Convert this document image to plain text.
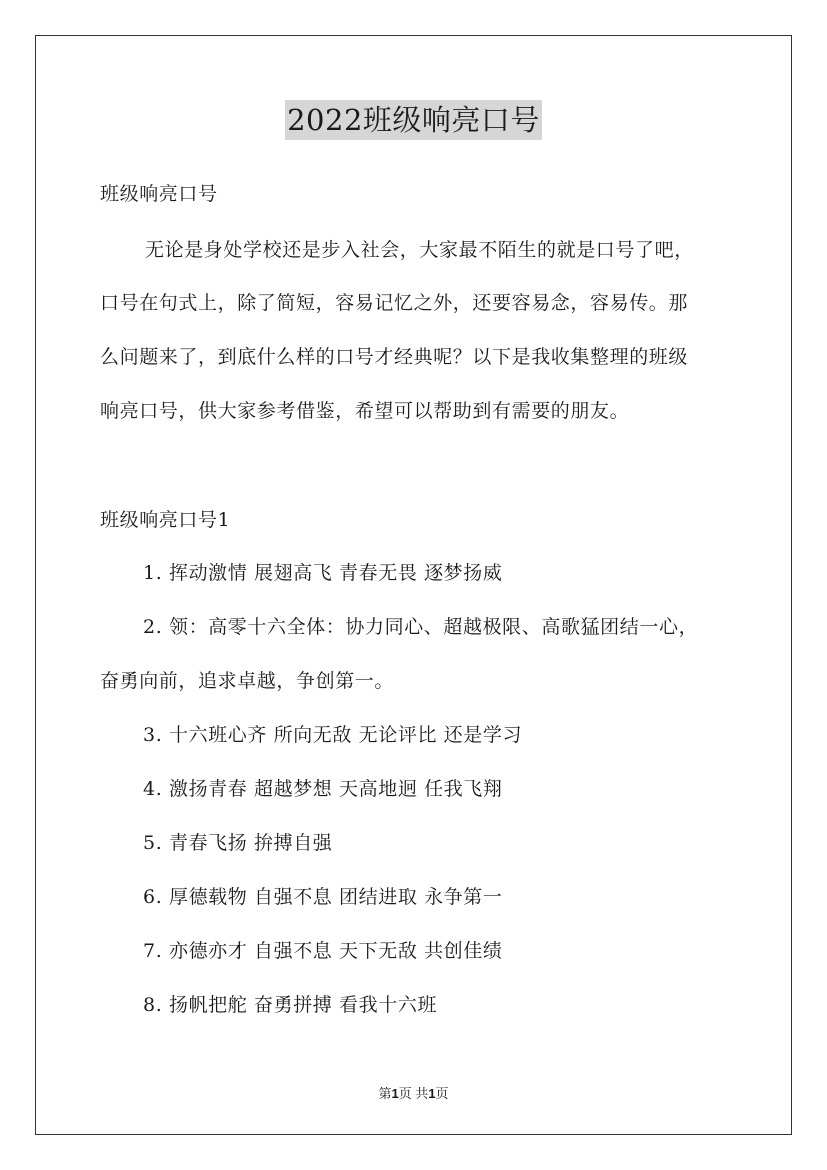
2022班级响亮口号
班级响亮口号
无论是身处学校还是步入社会，大家最不陌生的就是口号了吧，
口号在句式上，除了简短，容易记忆之外，还要容易念，容易传。那
么问题来了，到底什么样的口号才经典呢？以下是我收集整理的班级
响亮口号，供大家参考借鉴，希望可以帮助到有需要的朋友。
班级响亮口号1
1. 挥动激情 展翅高飞 青春无畏 逐梦扬威
2. 领：高零十六全体：协力同心、超越极限、高歌猛团结一心，
奋勇向前，追求卓越，争创第一。
3. 十六班心齐 所向无敌 无论评比 还是学习
4. 激扬青春 超越梦想 天高地迥 任我飞翔
5. 青春飞扬 拚搏自强
6. 厚德载物 自强不息 团结进取 永争第一
7. 亦德亦才 自强不息 天下无敌 共创佳绩
8. 扬帆把舵 奋勇拼搏 看我十六班
第1页 共1页
